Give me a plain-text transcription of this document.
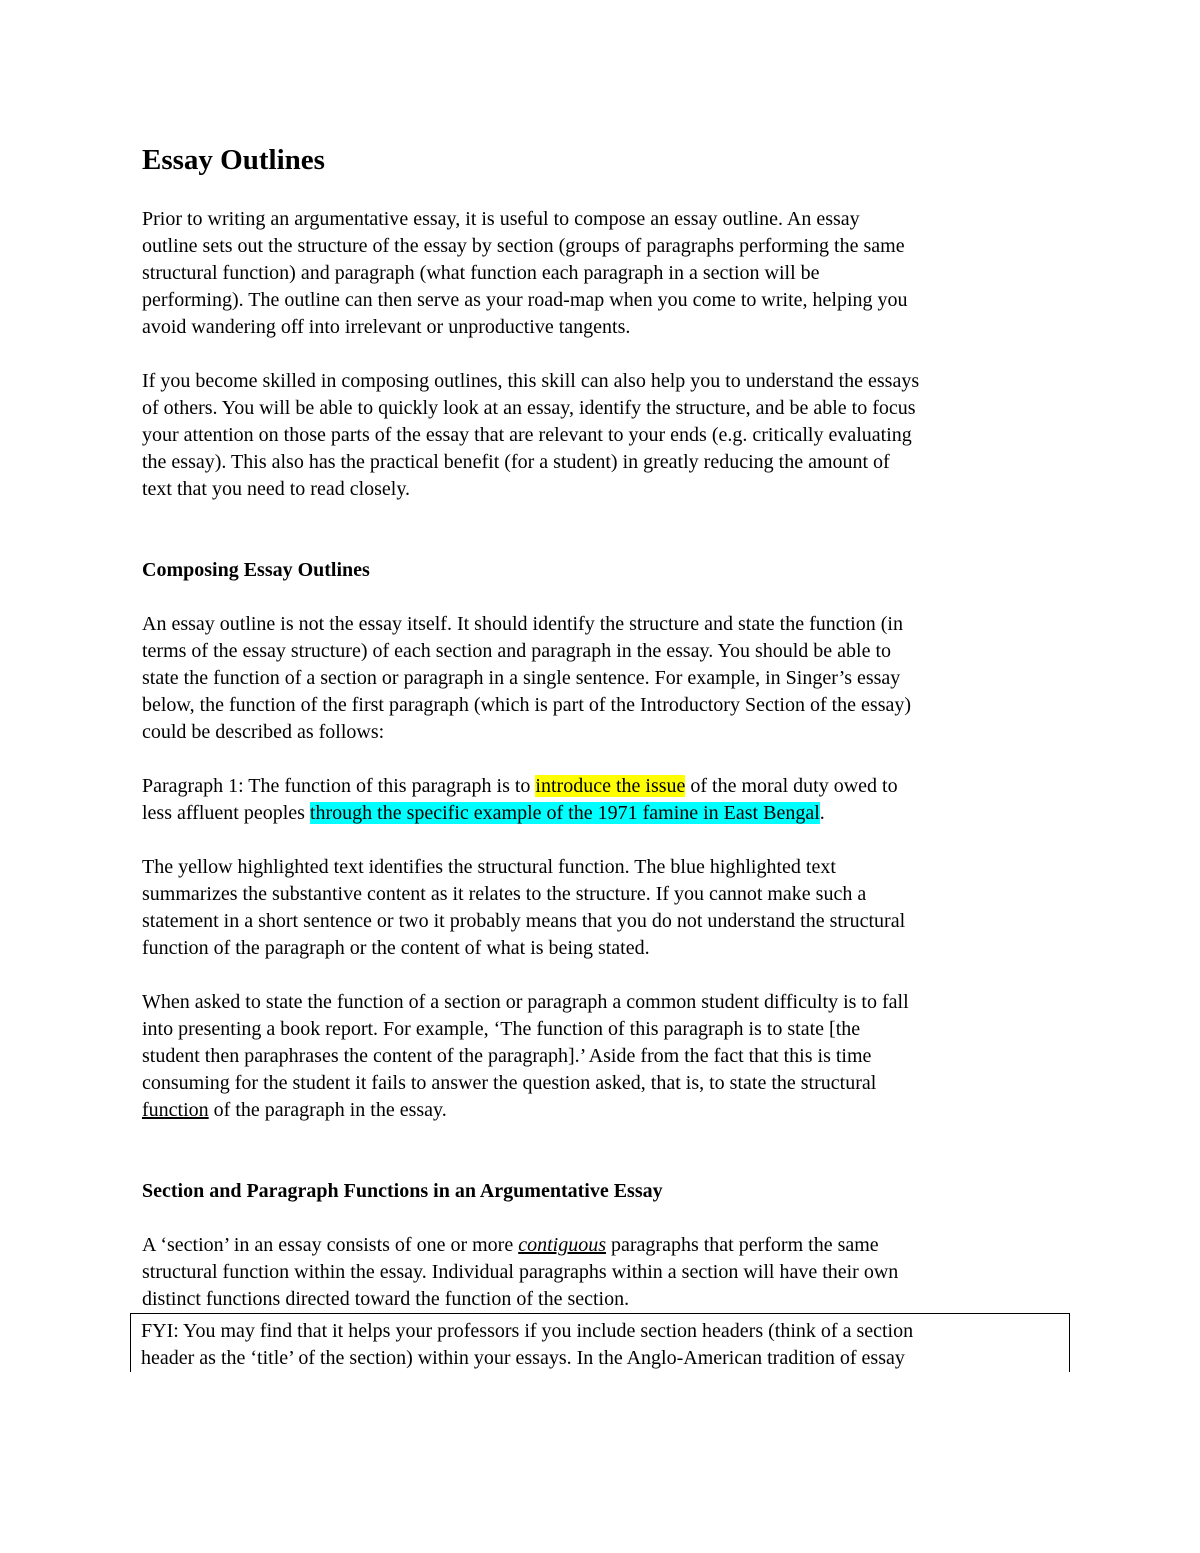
Essay Outlines

Prior to writing an argumentative essay, it is useful to compose an essay outline. An essay

outline sets out the structure of the essay by section (groups of paragraphs performing the same

structural function) and paragraph (what function each paragraph in a section will be

performing). The outline can then serve as your road-map when you come to write, helping you

avoid wandering off into irrelevant or unproductive tangents.

If you become skilled in composing outlines, this skill can also help you to understand the essays

of others. You will be able to quickly look at an essay, identify the structure, and be able to focus

your attention on those parts of the essay that are relevant to your ends (e.g. critically evaluating

the essay). This also has the practical benefit (for a student) in greatly reducing the amount of

text that you need to read closely.

Composing Essay Outlines

An essay outline is not the essay itself. It should identify the structure and state the function (in

terms of the essay structure) of each section and paragraph in the essay. You should be able to

state the function of a section or paragraph in a single sentence. For example, in Singer’s essay

below, the function of the first paragraph (which is part of the Introductory Section of the essay)

could be described as follows:

Paragraph 1: The function of this paragraph is to introduce the issue of the moral duty owed to

less affluent peoples through the specific example of the 1971 famine in East Bengal.

The yellow highlighted text identifies the structural function. The blue highlighted text

summarizes the substantive content as it relates to the structure. If you cannot make such a

statement in a short sentence or two it probably means that you do not understand the structural

function of the paragraph or the content of what is being stated.

When asked to state the function of a section or paragraph a common student difficulty is to fall

into presenting a book report. For example, ‘The function of this paragraph is to state [the

student then paraphrases the content of the paragraph].’ Aside from the fact that this is time

consuming for the student it fails to answer the question asked, that is, to state the structural

function of the paragraph in the essay.

Section and Paragraph Functions in an Argumentative Essay

A ‘section’ in an essay consists of one or more contiguous paragraphs that perform the same

structural function within the essay. Individual paragraphs within a section will have their own

distinct functions directed toward the function of the section.

FYI: You may find that it helps your professors if you include section headers (think of a section

header as the ‘title’ of the section) within your essays. In the Anglo-American tradition of essay
